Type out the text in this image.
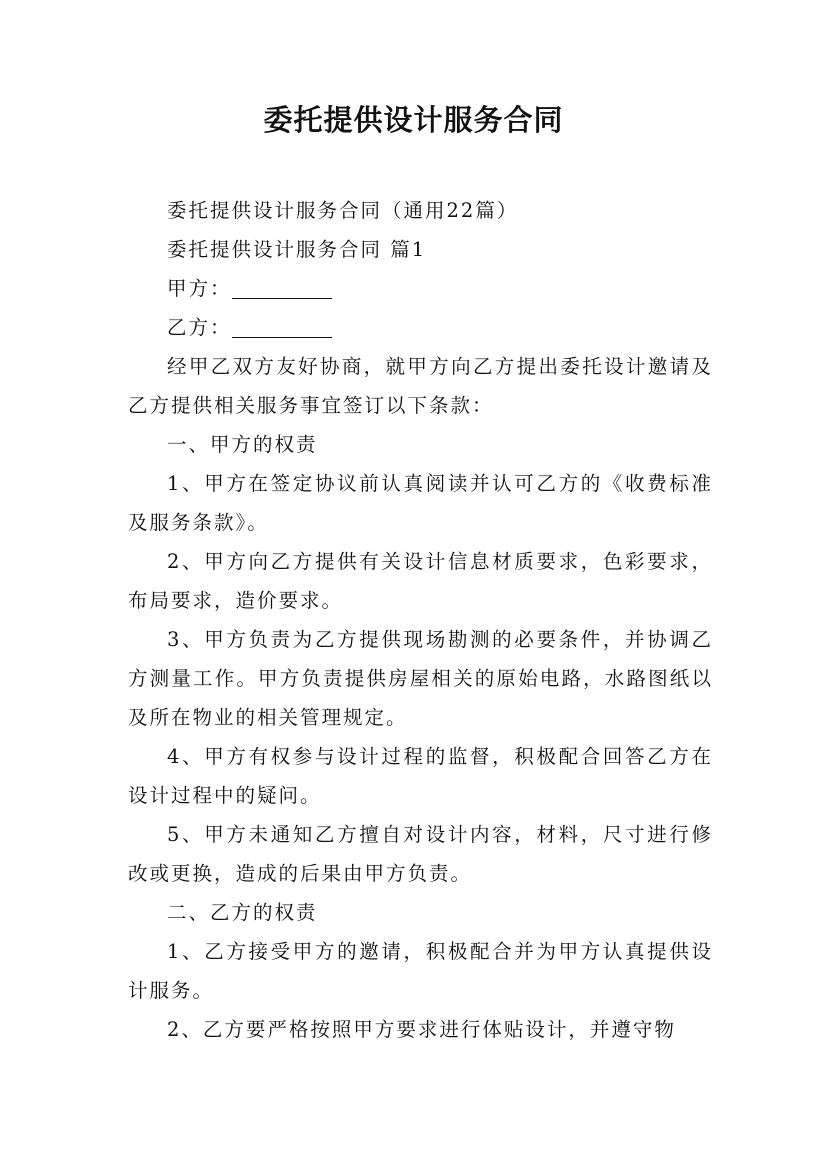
委托提供设计服务合同

委托提供设计服务合同（通用22篇）

委托提供设计服务合同 篇1

甲方：

乙方：

经甲乙双方友好协商，就甲方向乙方提出委托设计邀请及乙方提供相关服务事宜签订以下条款：

一、甲方的权责

1、甲方在签定协议前认真阅读并认可乙方的《收费标准及服务条款》。

2、甲方向乙方提供有关设计信息材质要求，色彩要求，布局要求，造价要求。

3、甲方负责为乙方提供现场勘测的必要条件，并协调乙方测量工作。甲方负责提供房屋相关的原始电路，水路图纸以及所在物业的相关管理规定。

4、甲方有权参与设计过程的监督，积极配合回答乙方在设计过程中的疑问。

5、甲方未通知乙方擅自对设计内容，材料，尺寸进行修改或更换，造成的后果由甲方负责。

二、乙方的权责

1、乙方接受甲方的邀请，积极配合并为甲方认真提供设计服务。

2、乙方要严格按照甲方要求进行体贴设计，并遵守物
